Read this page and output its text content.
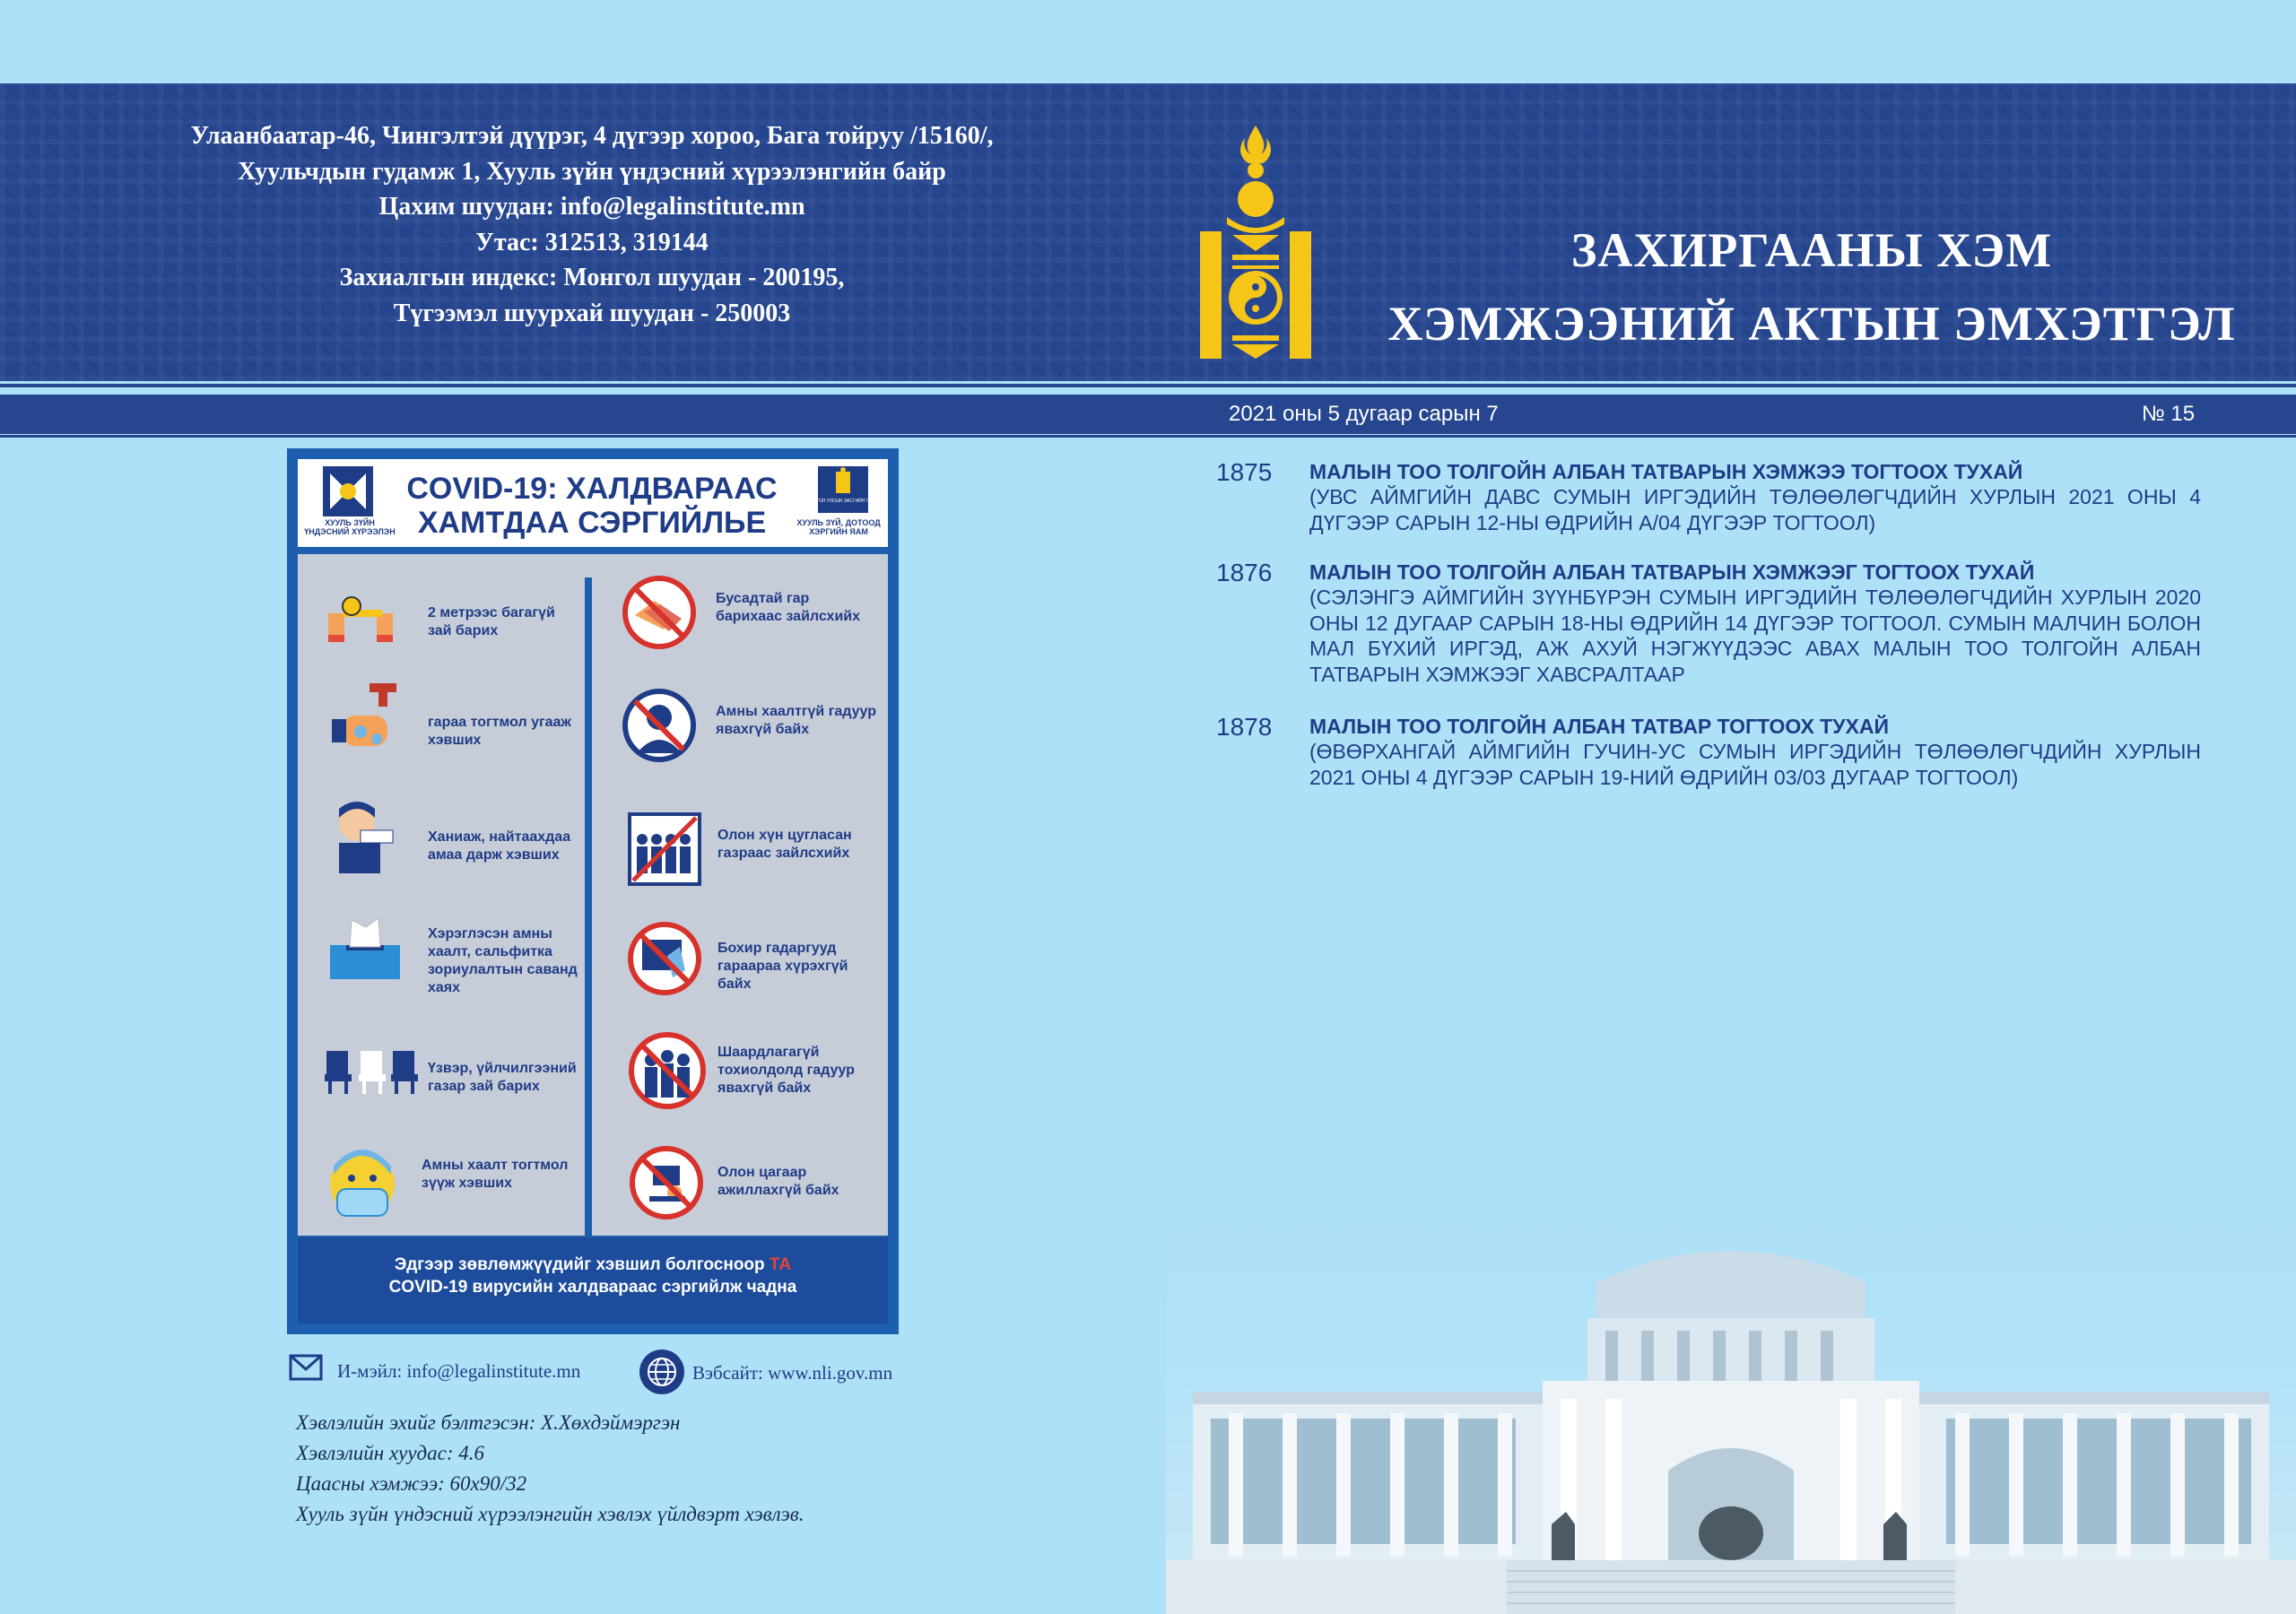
Улаанбаатар-46, Чингэлтэй дүүрэг, 4 дүгээр хороо, Бага тойруу /15160/,
Хуульчдын гудамж 1, Хууль зүйн үндэсний хүрээлэнгийн байр
Цахим шуудан: info@legalinstitute.mn
Утас: 312513, 319144
Захиалгын индекс: Монгол шуудан - 200195,
Түгээмэл шуурхай шуудан - 250003
ЗАХИРГААНЫ ХЭМ
ХЭМЖЭЭНИЙ АКТЫН ЭМХЭТГЭЛ
2021 оны 5 дугаар сарын 7	№ 15
1875 МАЛЫН ТОО ТОЛГОЙН АЛБАН ТАТВАРЫН ХЭМЖЭЭ ТОГТООХ ТУХАЙ
(УВС АЙМГИЙН ДАВС СУМЫН ИРГЭДИЙН ТӨЛӨӨЛӨГЧДИЙН ХУРЛЫН 2021 ОНЫ 4 ДҮГЭЭР САРЫН 12-НЫ ӨДРИЙН А/04 ДҮГЭЭР ТОГТООЛ)
1876 МАЛЫН ТОО ТОЛГОЙН АЛБАН ТАТВАРЫН ХЭМЖЭЭГ ТОГТООХ ТУХАЙ
(СЭЛЭНГЭ АЙМГИЙН ЗҮҮНБҮРЭН СУМЫН ИРГЭДИЙН ТӨЛӨӨЛӨГЧДИЙН ХУРЛЫН 2020 ОНЫ 12 ДУГААР САРЫН 18-НЫ ӨДРИЙН 14 ДҮГЭЭР ТОГТООЛ. СУМЫН МАЛЧИН БОЛОН МАЛ БҮХИЙ ИРГЭД, АЖ АХУЙ НЭГЖҮҮДЭЭС АВАХ МАЛЫН ТОО ТОЛГОЙН АЛБАН ТАТВАРЫН ХЭМЖЭЭГ ХАВСРАЛТААР
1878 МАЛЫН ТОО ТОЛГОЙН АЛБАН ТАТВАР ТОГТООХ ТУХАЙ
(ӨВӨРХАНГАЙ АЙМГИЙН ГУЧИН-УС СУМЫН ИРГЭДИЙН ТӨЛӨӨЛӨГЧДИЙН ХУРЛЫН 2021 ОНЫ 4 ДҮГЭЭР САРЫН 19-НИЙ ӨДРИЙН 03/03 ДУГААР ТОГТООЛ)
ХУУЛЬ ЗҮЙН ҮНДЭСНИЙ ХҮРЭЭЛЭН
COVID-19: ХАЛДВАРААС ХАМТДАА СЭРГИЙЛЬЕ
МОНГОЛ УЛСЫН ЗАСГИЙН ГАЗАР
ХУУЛЬ ЗҮЙ, ДОТООД ХЭРГИЙН ЯАМ
2 метрээс багагүй зай барих
гараа тогтмол угааж хэвших
Ханиаж, найтаахдаа амаа дарж хэвших
Хэрэглэсэн амны хаалт, сальфитка зориулалтын саванд хаях
Үзвэр, үйлчилгээний газар зай барих
Амны хаалт тогтмол зүүж хэвших
Бусадтай гар барихаас зайлсхийх
Амны хаалтгүй гадуур явахгүй байх
Олон хүн цугласан газраас зайлсхийх
Бохир гадаргууд гараараа хүрэхгүй байх
Шаардлагагүй тохиолдолд гадуур явахгүй байх
Олон цагаар ажиллахгүй байх
Эдгээр зөвлөмжүүдийг хэвшил болгосноор ТА
COVID-19 вирусийн халдвараас сэргийлж чадна
И-мэйл: info@legalinstitute.mn	Вэбсайт: www.nli.gov.mn
Хэвлэлийн эхийг бэлтгэсэн: Х.Хөхдэймэргэн
Хэвлэлийн хуудас: 4.6
Цаасны хэмжээ: 60x90/32
Хууль зүйн үндэсний хүрээлэнгийн хэвлэх үйлдвэрт хэвлэв.
